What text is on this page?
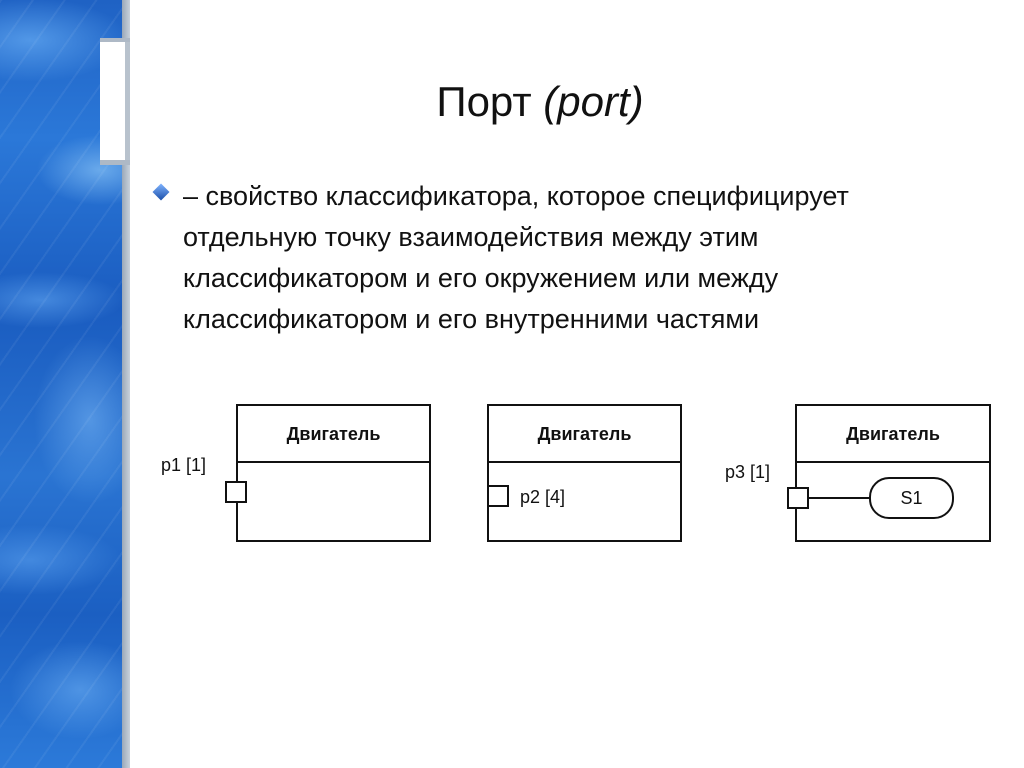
Порт (port)
– свойство классификатора, которое специфицирует
отдельную точку взаимодействия между этим
классификатором и его окружением или между
классификатором и его внутренними частями
Двигатель
p1 [1]
Двигатель
p2 [4]
Двигатель
p3 [1]
S1
